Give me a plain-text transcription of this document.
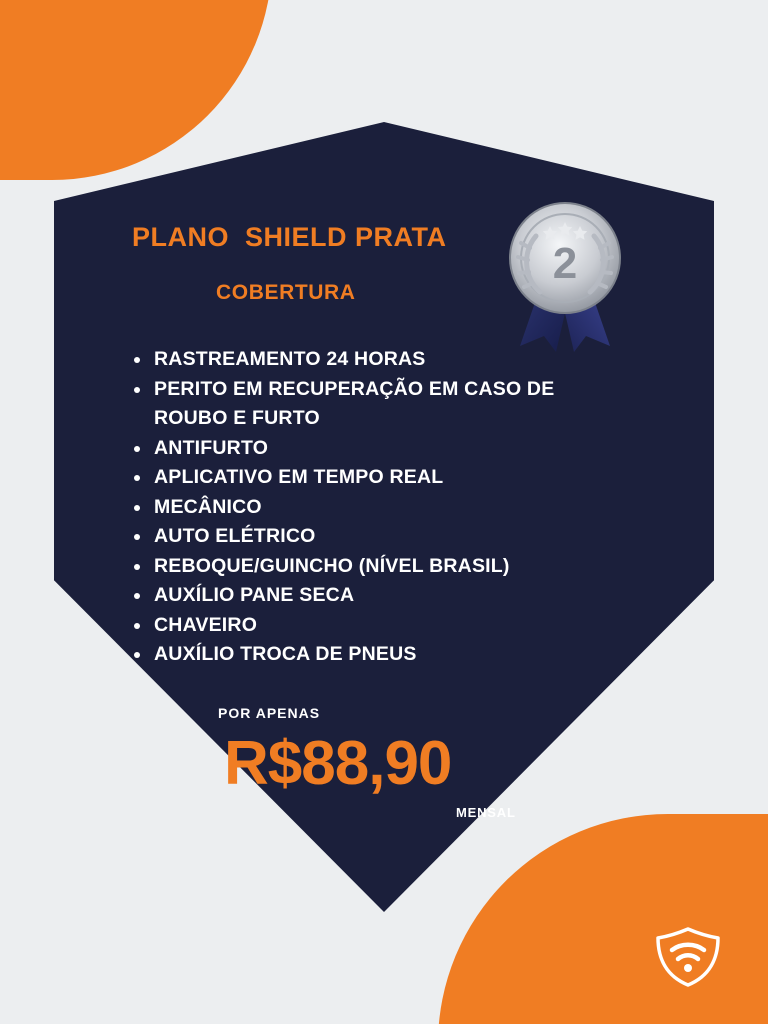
PLANO  SHIELD PRATA
COBERTURA
2
RASTREAMENTO 24 HORAS
PERITO EM RECUPERAÇÃO EM CASO DE ROUBO E FURTO
ANTIFURTO
APLICATIVO EM TEMPO REAL
MECÂNICO
AUTO ELÉTRICO
REBOQUE/GUINCHO (NÍVEL BRASIL)
AUXÍLIO PANE SECA
CHAVEIRO
AUXÍLIO TROCA DE PNEUS
POR APENAS
R$88,90
MENSAL
